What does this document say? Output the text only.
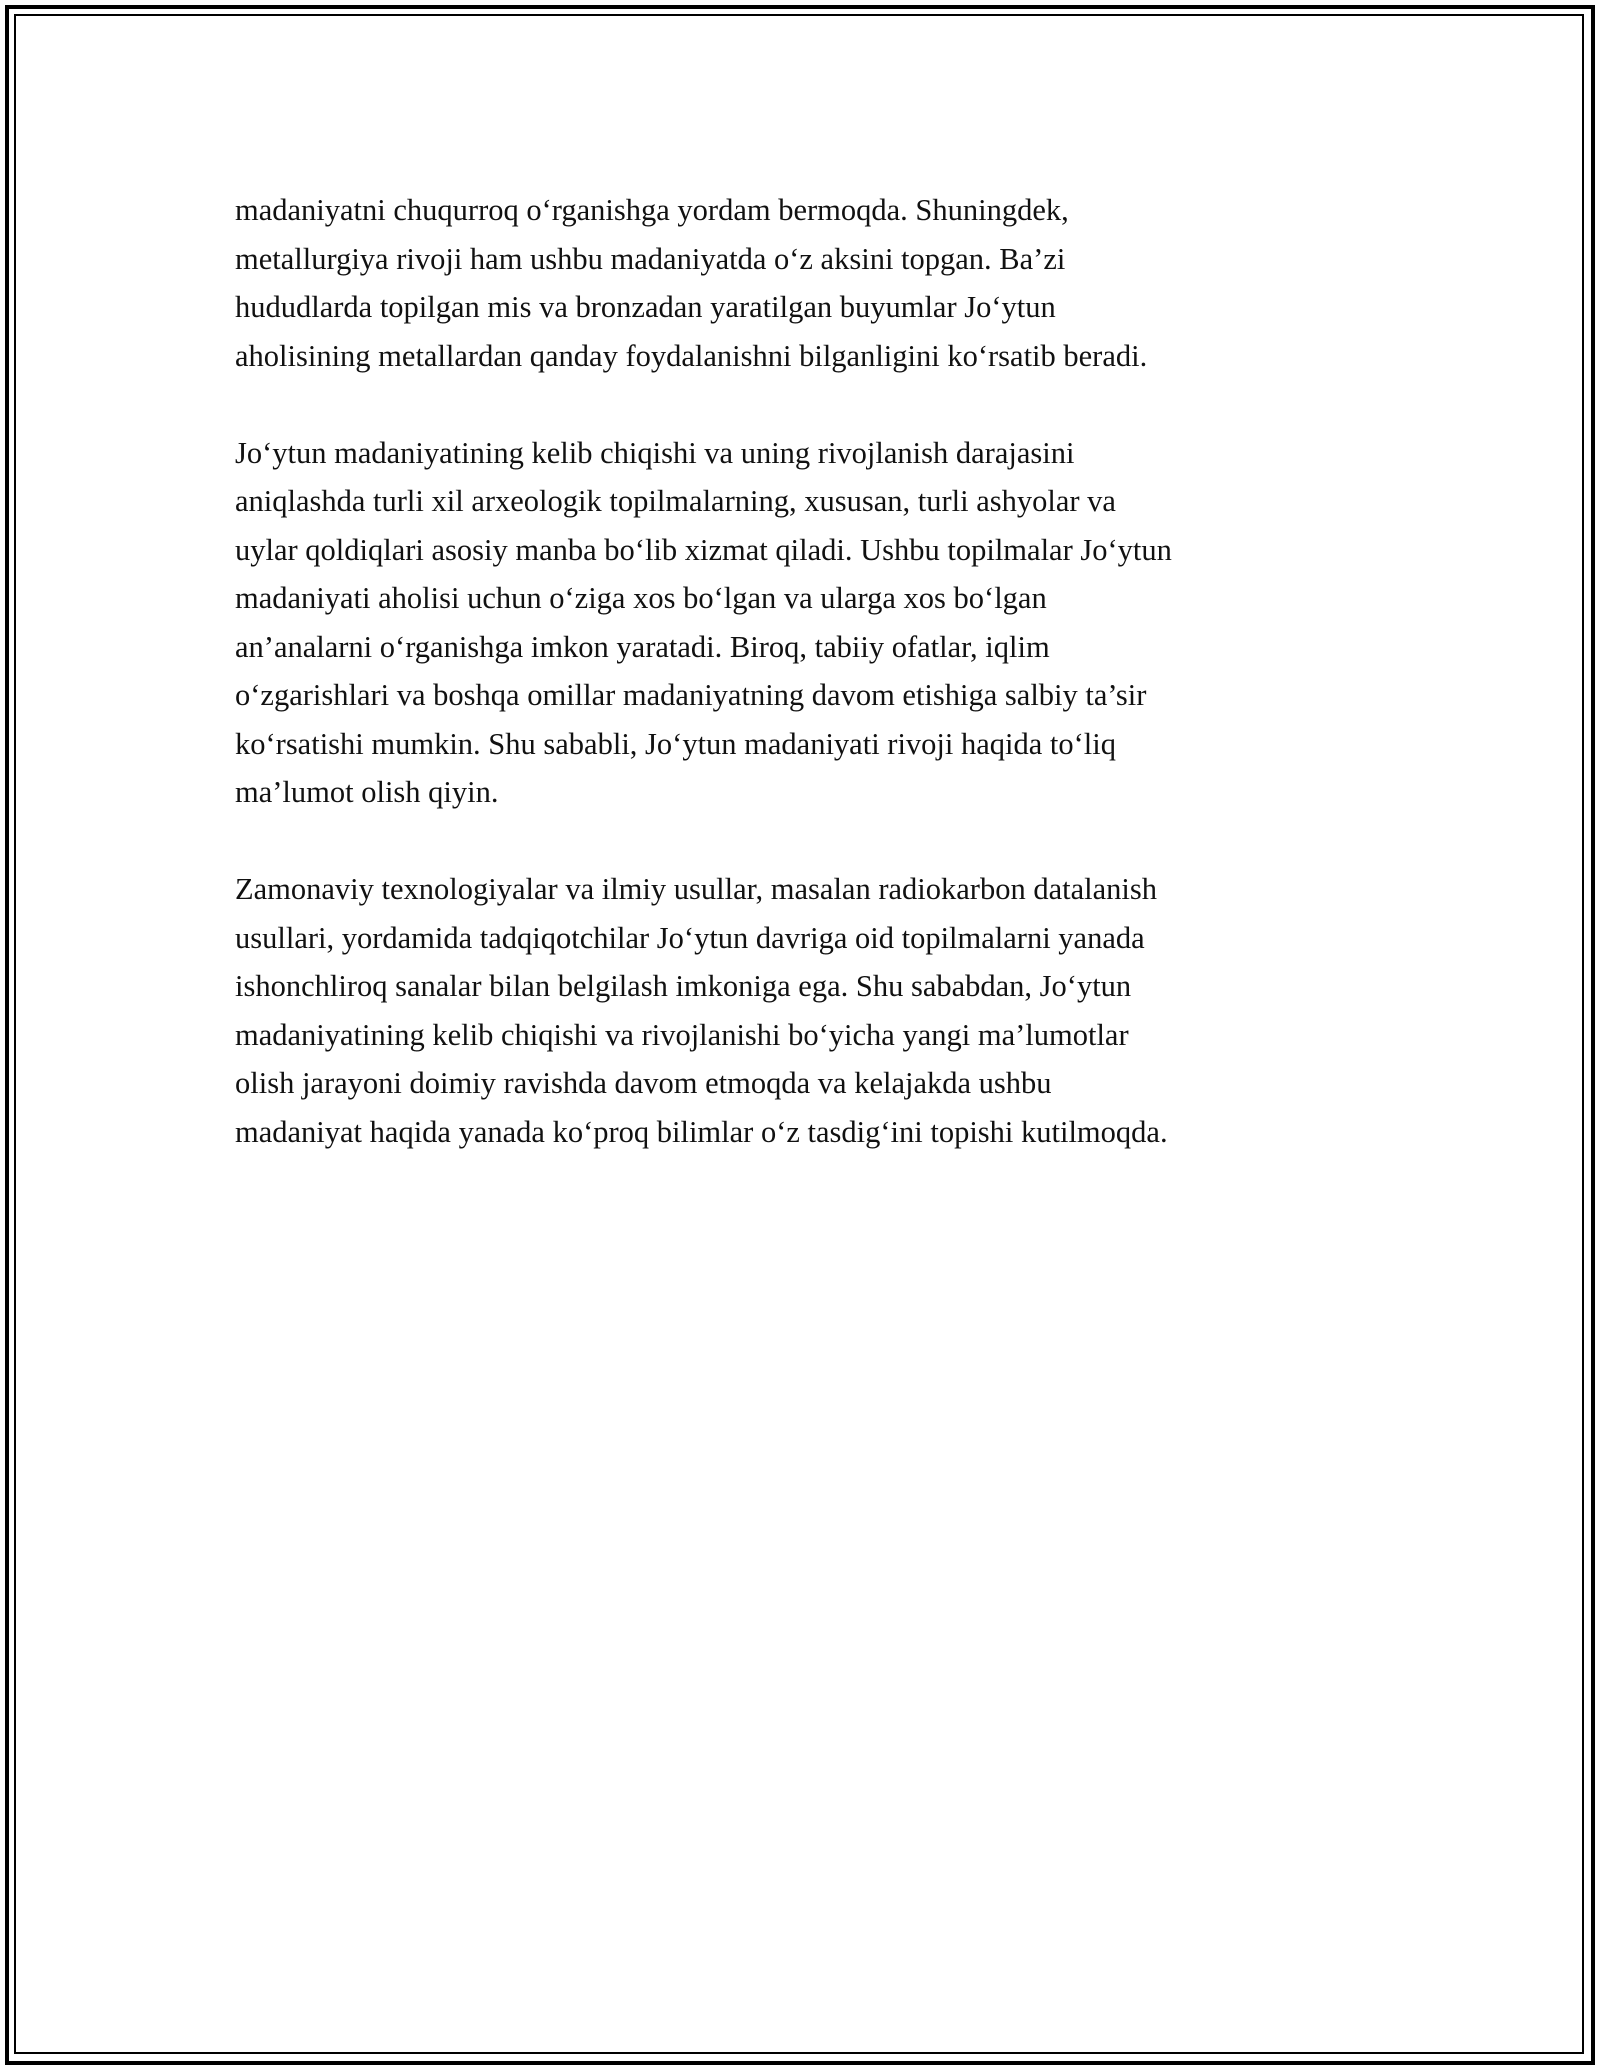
madaniyatni chuqurroq o‘rganishga yordam bermoqda. Shuningdek,
metallurgiya rivoji ham ushbu madaniyatda o‘z aksini topgan. Ba’zi
hududlarda topilgan mis va bronzadan yaratilgan buyumlar Jo‘ytun
aholisining metallardan qanday foydalanishni bilganligini ko‘rsatib beradi.

Jo‘ytun madaniyatining kelib chiqishi va uning rivojlanish darajasini
aniqlashda turli xil arxeologik topilmalarning, xususan, turli ashyolar va
uylar qoldiqlari asosiy manba bo‘lib xizmat qiladi. Ushbu topilmalar Jo‘ytun
madaniyati aholisi uchun o‘ziga xos bo‘lgan va ularga xos bo‘lgan
an’analarni o‘rganishga imkon yaratadi. Biroq, tabiiy ofatlar, iqlim
o‘zgarishlari va boshqa omillar madaniyatning davom etishiga salbiy ta’sir
ko‘rsatishi mumkin. Shu sababli, Jo‘ytun madaniyati rivoji haqida to‘liq
ma’lumot olish qiyin.

Zamonaviy texnologiyalar va ilmiy usullar, masalan radiokarbon datalanish
usullari, yordamida tadqiqotchilar Jo‘ytun davriga oid topilmalarni yanada
ishonchliroq sanalar bilan belgilash imkoniga ega. Shu sababdan, Jo‘ytun
madaniyatining kelib chiqishi va rivojlanishi bo‘yicha yangi ma’lumotlar
olish jarayoni doimiy ravishda davom etmoqda va kelajakda ushbu
madaniyat haqida yanada ko‘proq bilimlar o‘z tasdig‘ini topishi kutilmoqda.
